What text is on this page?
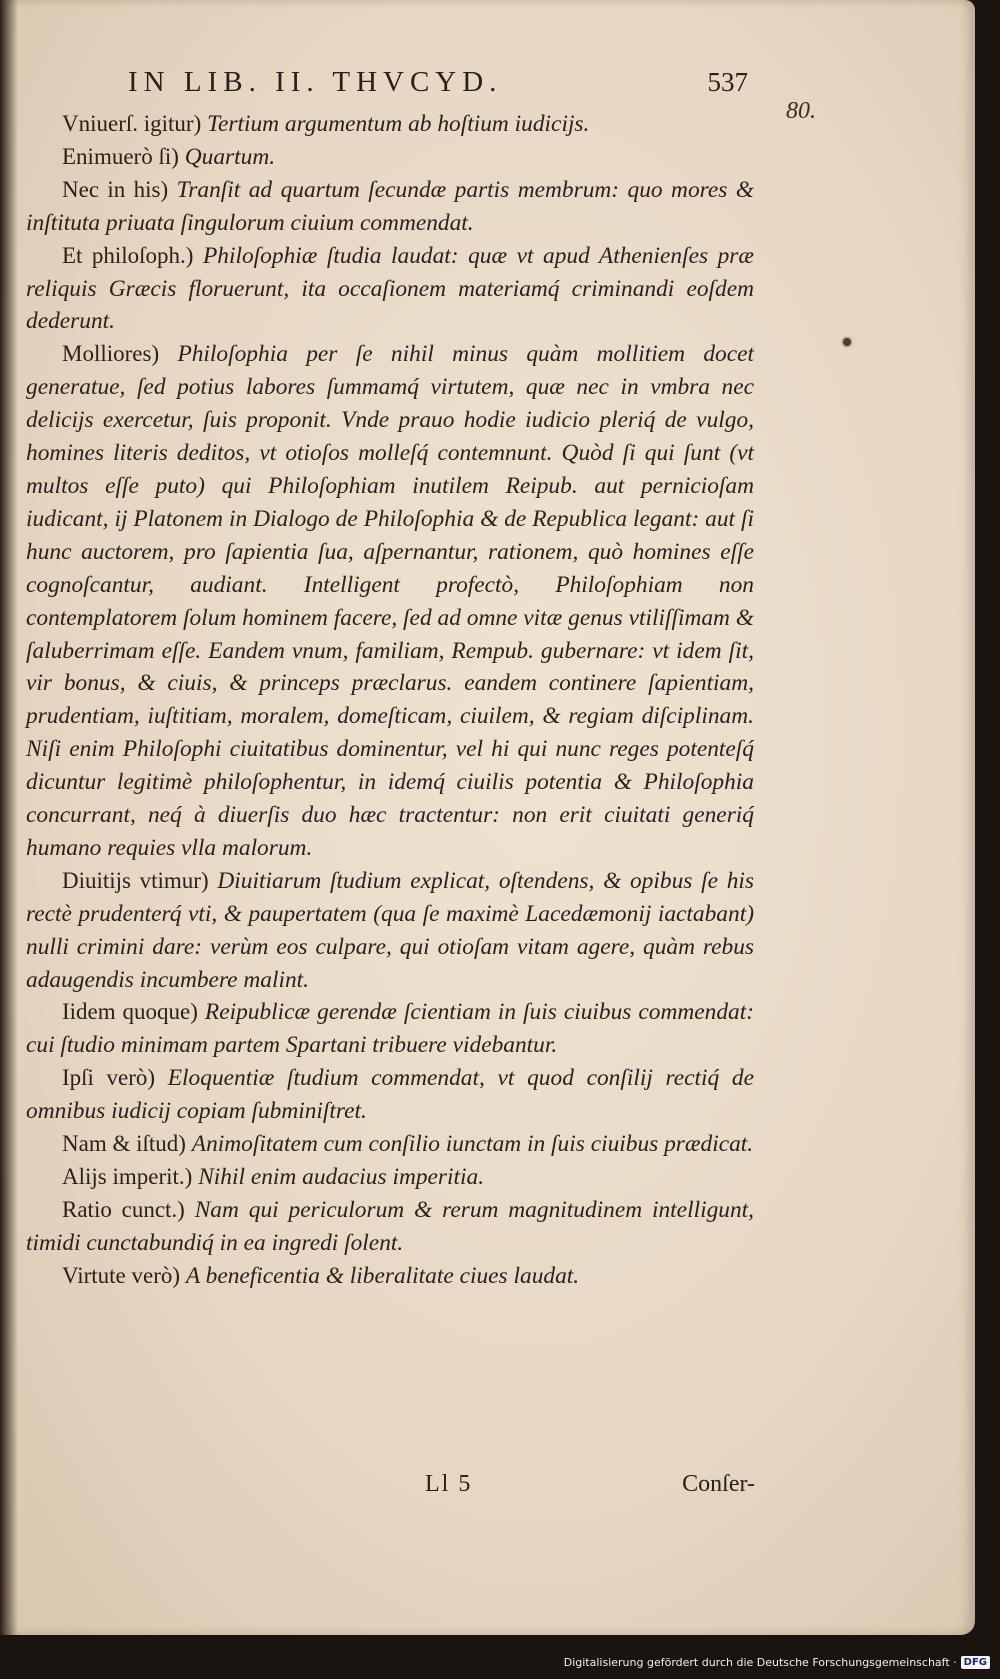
IN LIB. II. THVCYD.	537
80.

Vniuerſ. igitur) Tertium argumentum ab hoſtium iudicijs.

Enimuerò ſi) Quartum.

Nec in his) Tranſit ad quartum ſecundæ partis membrum: quo mores & inſtituta priuata ſingulorum ciuium commendat.

Et philoſoph.) Philoſophiæ ſtudia laudat: quæ vt apud Athenienſes præ reliquis Græcis floruerunt, ita occaſionem materiamq́ criminandi eoſdem dederunt.

Molliores) Philoſophia per ſe nihil minus quàm mollitiem docet generatue, ſed potius labores ſummamq́ virtutem, quæ nec in vmbra nec delicijs exercetur, ſuis proponit. Vnde prauo hodie iudicio pleriq́ de vulgo, homines literis deditos, vt otioſos molleſq́ contemnunt. Quòd ſi qui ſunt (vt multos eſſe puto) qui Philoſophiam inutilem Reipub. aut pernicioſam iudicant, ij Platonem in Dialogo de Philoſophia & de Republica legant: aut ſi hunc auctorem, pro ſapientia ſua, aſpernantur, rationem, quò homines eſſe cognoſcantur, audiant. Intelligent profectò, Philoſophiam non contemplatorem ſolum hominem facere, ſed ad omne vitæ genus vtiliſſimam & ſaluberrimam eſſe. Eandem vnum, familiam, Rempub. gubernare: vt idem ſit, vir bonus, & ciuis, & princeps præclarus. eandem continere ſapientiam, prudentiam, iuſtitiam, moralem, domeſticam, ciuilem, & regiam diſciplinam. Niſi enim Philoſophi ciuitatibus dominentur, vel hi qui nunc reges potenteſq́ dicuntur legitimè philoſophentur, in idemq́ ciuilis potentia & Philoſophia concurrant, neq́ à diuerſis duo hæc tractentur: non erit ciuitati generiq́ humano requies vlla malorum.

Diuitijs vtimur) Diuitiarum ſtudium explicat, oſtendens, & opibus ſe his rectè prudenterq́ vti, & paupertatem (qua ſe maximè Lacedæmonij iactabant) nulli crimini dare: verùm eos culpare, qui otioſam vitam agere, quàm rebus adaugendis incumbere malint.

Iidem quoque) Reipublicæ gerendæ ſcientiam in ſuis ciuibus commendat: cui ſtudio minimam partem Spartani tribuere videbantur.

Ipſi verò) Eloquentiæ ſtudium commendat, vt quod conſilij rectiq́ de omnibus iudicij copiam ſubminiſtret.

Nam & iſtud) Animoſitatem cum conſilio iunctam in ſuis ciuibus prædicat.

Alijs imperit.) Nihil enim audacius imperitia.

Ratio cunct.) Nam qui periculorum & rerum magnitudinem intelligunt, timidi cunctabundiq́ in ea ingredi ſolent.

Virtute verò) A beneficentia & liberalitate ciues laudat.

Ll 5	Conſer-
Digitalisierung gefördert durch die Deutsche Forschungsgemeinschaft · DFG
